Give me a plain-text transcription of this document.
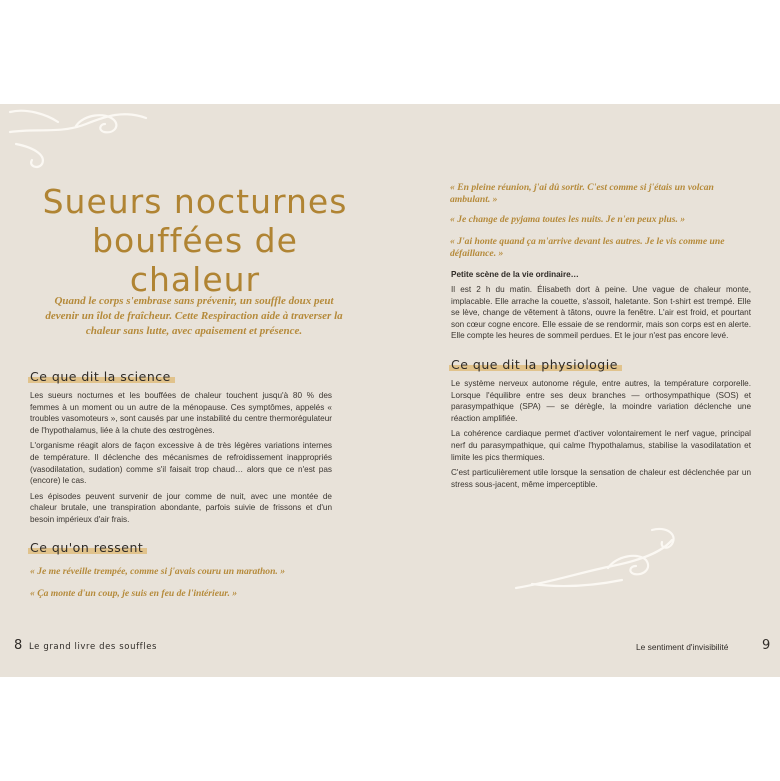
Sueurs nocturnes
bouffées de
chaleur

Quand le corps s'embrase sans prévenir, un souffle doux peut devenir un îlot de fraîcheur. Cette Respiraction aide à traverser la chaleur sans lutte, avec apaisement et présence.

Ce que dit la science

Les sueurs nocturnes et les bouffées de chaleur touchent jusqu'à 80 % des femmes à un moment ou un autre de la ménopause. Ces symptômes, appelés « troubles vasomoteurs », sont causés par une instabilité du centre thermorégulateur de l'hypothalamus, liée à la chute des œstrogènes.

L'organisme réagit alors de façon excessive à de très légères variations internes de température. Il déclenche des mécanismes de refroidissement inappropriés (vasodilatation, sudation) comme s'il faisait trop chaud… alors que ce n'est pas (encore) le cas.

Les épisodes peuvent survenir de jour comme de nuit, avec une montée de chaleur brutale, une transpiration abondante, parfois suivie de frissons et d'un besoin impérieux d'air frais.

Ce qu'on ressent

« Je me réveille trempée, comme si j'avais couru un marathon. »

« Ça monte d'un coup, je suis en feu de l'intérieur. »

8 Le grand livre des souffles

« En pleine réunion, j'ai dû sortir. C'est comme si j'étais un volcan ambulant. »

« Je change de pyjama toutes les nuits. Je n'en peux plus. »

« J'ai honte quand ça m'arrive devant les autres. Je le vis comme une défaillance. »

Petite scène de la vie ordinaire…

Il est 2 h du matin. Élisabeth dort à peine. Une vague de chaleur monte, implacable. Elle arrache la couette, s'assoit, haletante. Son t-shirt est trempé. Elle se lève, change de vêtement à tâtons, ouvre la fenêtre. L'air est froid, et pourtant son cœur cogne encore. Elle essaie de se rendormir, mais son corps est en alerte. Elle compte les heures de sommeil perdues. Et le jour n'est pas encore levé.

Ce que dit la physiologie

Le système nerveux autonome régule, entre autres, la température corporelle. Lorsque l'équilibre entre ses deux branches — orthosympathique (SOS) et parasympathique (SPA) — se dérègle, la moindre variation déclenche une réaction amplifiée.

La cohérence cardiaque permet d'activer volontairement le nerf vague, principal nerf du parasympathique, qui calme l'hypothalamus, stabilise la vasodilatation et limite les pics thermiques.

C'est particulièrement utile lorsque la sensation de chaleur est déclenchée par un stress sous-jacent, même imperceptible.

Le sentiment d'invisibilité	9
